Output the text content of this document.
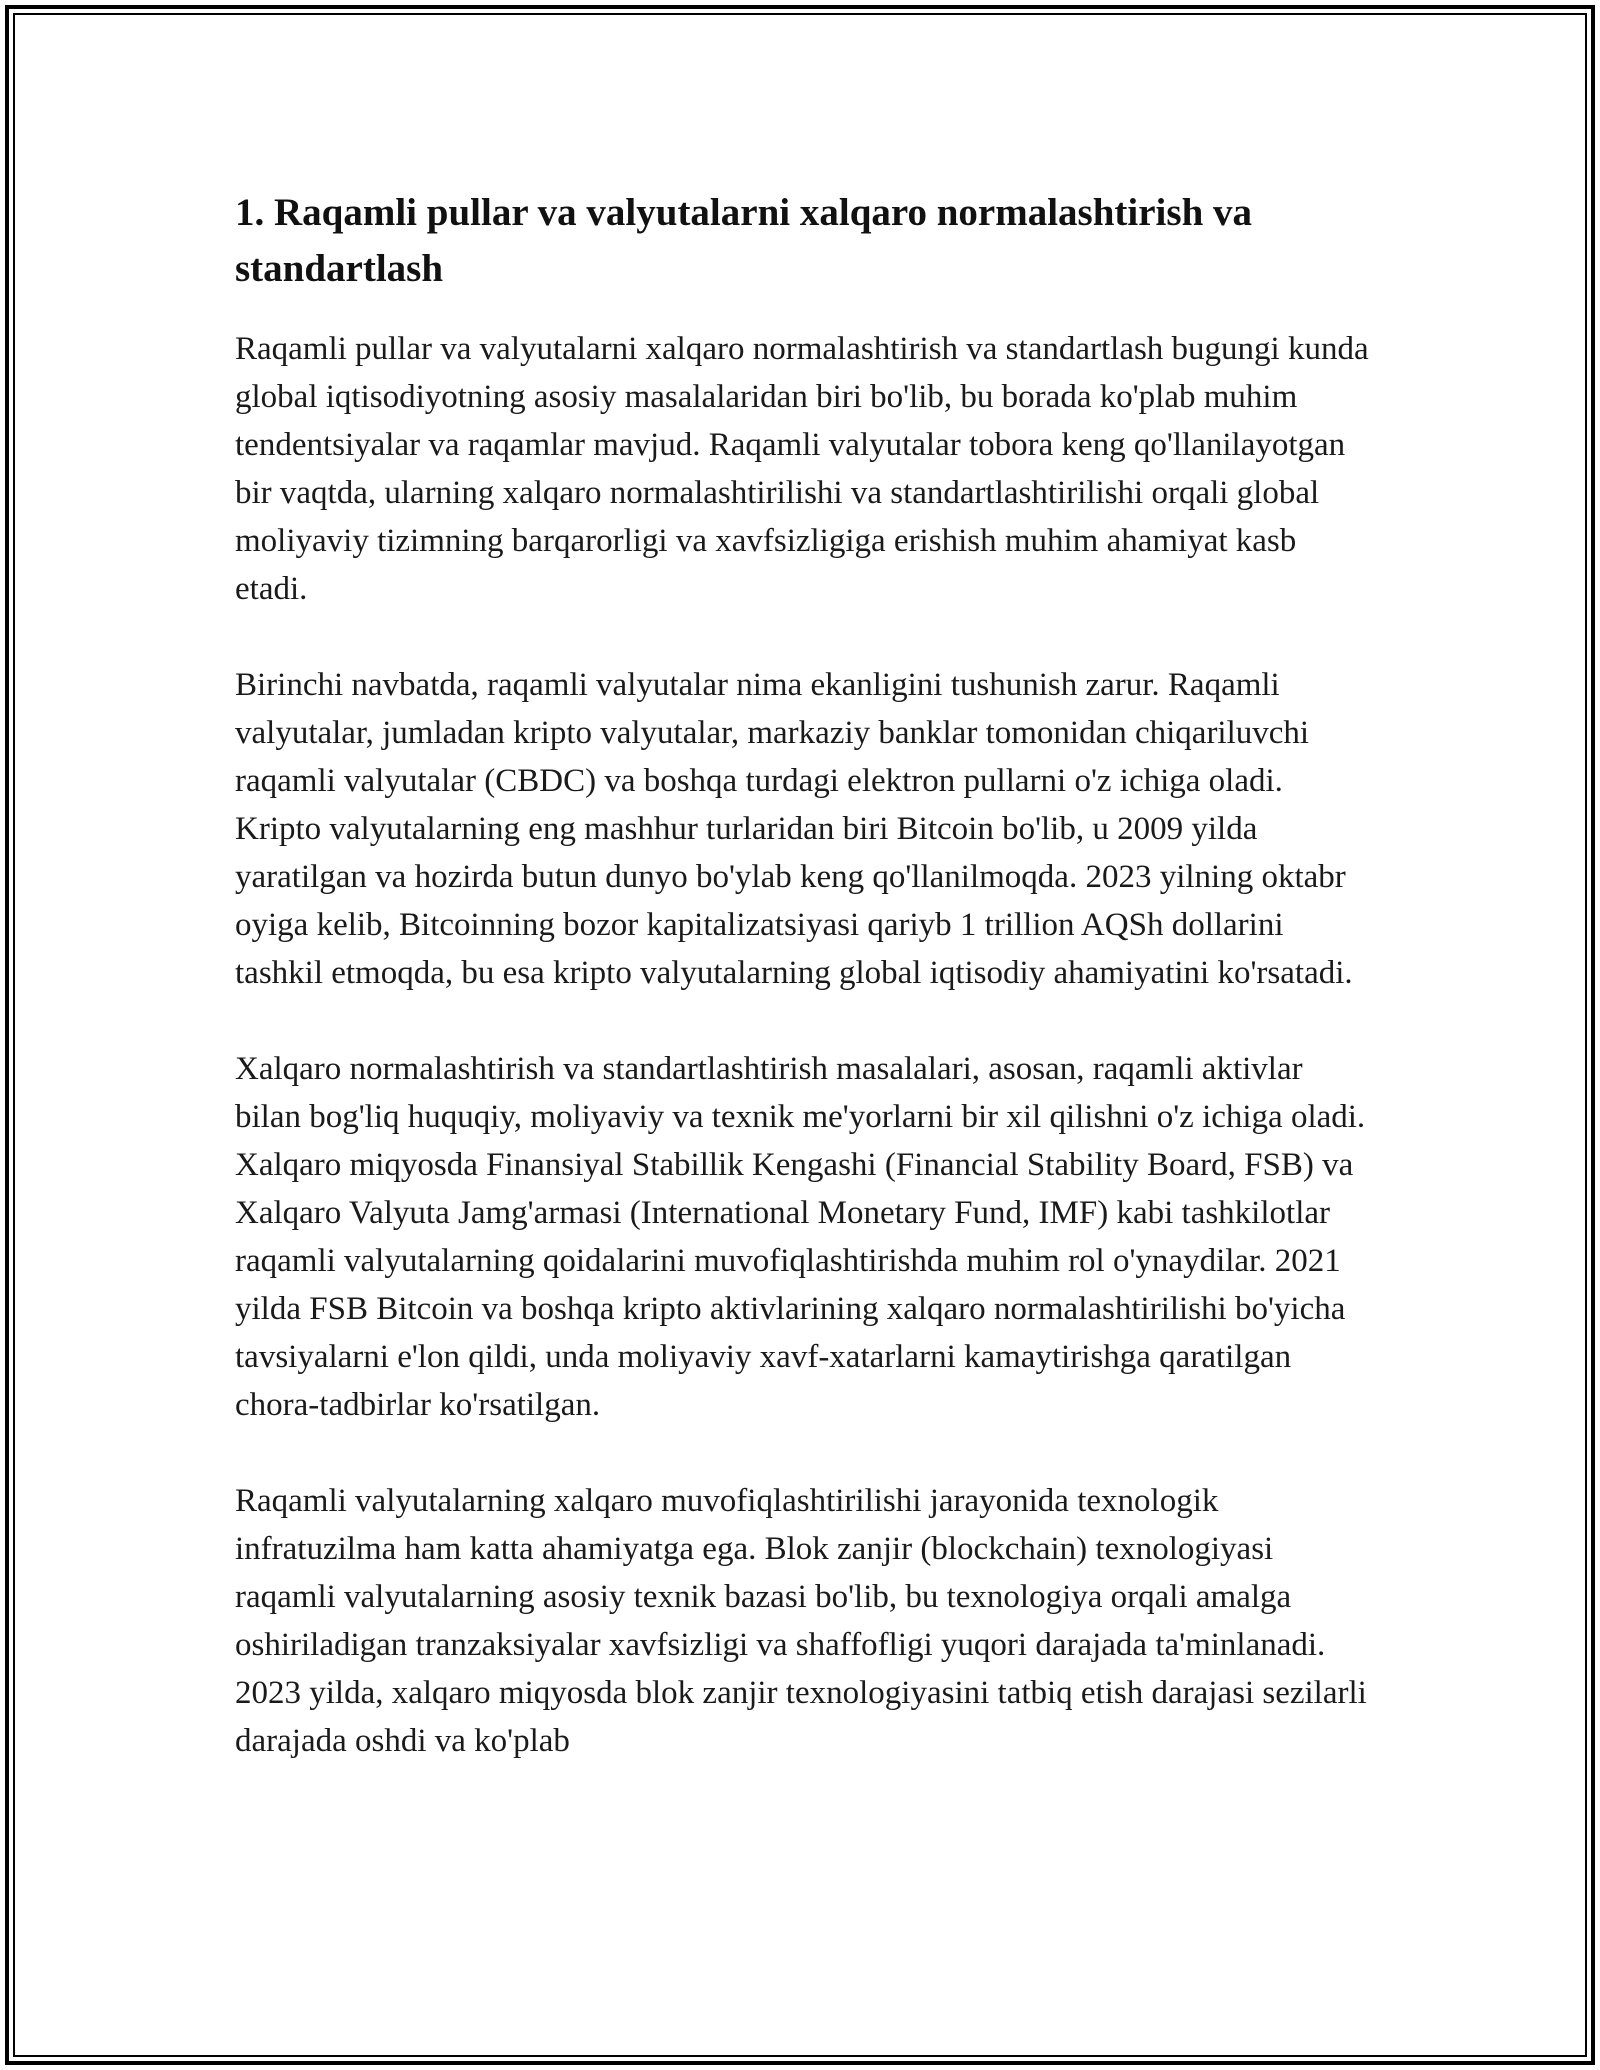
1. Raqamli pullar va valyutalarni xalqaro normalashtirish va standartlash

Raqamli pullar va valyutalarni xalqaro normalashtirish va standartlash bugungi kunda global iqtisodiyotning asosiy masalalaridan biri bo'lib, bu borada ko'plab muhim tendentsiyalar va raqamlar mavjud. Raqamli valyutalar tobora keng qo'llanilayotgan bir vaqtda, ularning xalqaro normalashtirilishi va standartlashtirilishi orqali global moliyaviy tizimning barqarorligi va xavfsizligiga erishish muhim ahamiyat kasb etadi.

Birinchi navbatda, raqamli valyutalar nima ekanligini tushunish zarur. Raqamli valyutalar, jumladan kripto valyutalar, markaziy banklar tomonidan chiqariluvchi raqamli valyutalar (CBDC) va boshqa turdagi elektron pullarni o'z ichiga oladi. Kripto valyutalarning eng mashhur turlaridan biri Bitcoin bo'lib, u 2009 yilda yaratilgan va hozirda butun dunyo bo'ylab keng qo'llanilmoqda. 2023 yilning oktabr oyiga kelib, Bitcoinning bozor kapitalizatsiyasi qariyb 1 trillion AQSh dollarini tashkil etmoqda, bu esa kripto valyutalarning global iqtisodiy ahamiyatini ko'rsatadi.

Xalqaro normalashtirish va standartlashtirish masalalari, asosan, raqamli aktivlar bilan bog'liq huquqiy, moliyaviy va texnik me'yorlarni bir xil qilishni o'z ichiga oladi. Xalqaro miqyosda Finansiyal Stabillik Kengashi (Financial Stability Board, FSB) va Xalqaro Valyuta Jamg'armasi (International Monetary Fund, IMF) kabi tashkilotlar raqamli valyutalarning qoidalarini muvofiqlashtirishda muhim rol o'ynaydilar. 2021 yilda FSB Bitcoin va boshqa kripto aktivlarining xalqaro normalashtirilishi bo'yicha tavsiyalarni e'lon qildi, unda moliyaviy xavf-xatarlarni kamaytirishga qaratilgan chora-tadbirlar ko'rsatilgan.

Raqamli valyutalarning xalqaro muvofiqlashtirilishi jarayonida texnologik infratuzilma ham katta ahamiyatga ega. Blok zanjir (blockchain) texnologiyasi raqamli valyutalarning asosiy texnik bazasi bo'lib, bu texnologiya orqali amalga oshiriladigan tranzaksiyalar xavfsizligi va shaffofligi yuqori darajada ta'minlanadi. 2023 yilda, xalqaro miqyosda blok zanjir texnologiyasini tatbiq etish darajasi sezilarli darajada oshdi va ko'plab
